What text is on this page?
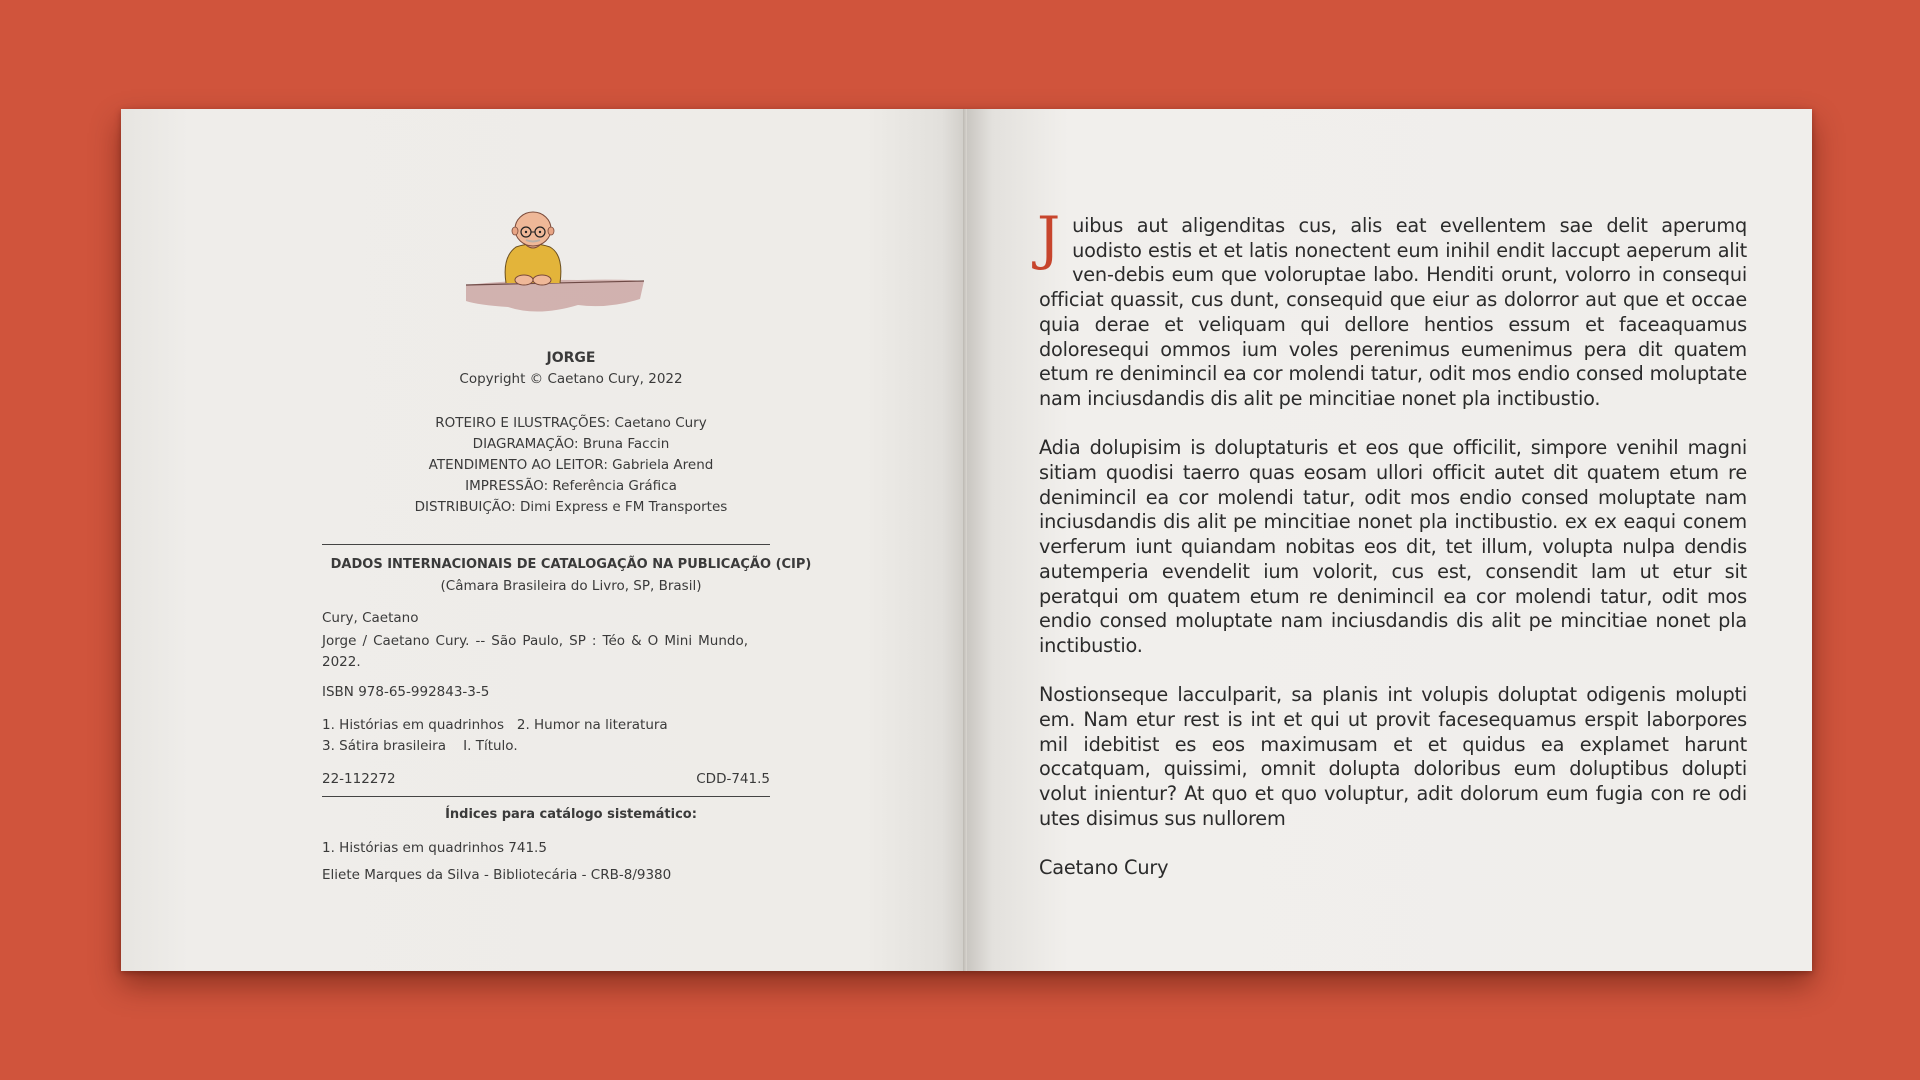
JORGE
Copyright © Caetano Cury, 2022
ROTEIRO E ILUSTRAÇÕES: Caetano Cury
DIAGRAMAÇÃO: Bruna Faccin
ATENDIMENTO AO LEITOR: Gabriela Arend
IMPRESSÃO: Referência Gráfica
DISTRIBUIÇÃO: Dimi Express e FM Transportes
DADOS INTERNACIONAIS DE CATALOGAÇÃO NA PUBLICAÇÃO (CIP)
(Câmara Brasileira do Livro, SP, Brasil)
Cury, Caetano
Jorge / Caetano Cury. -- São Paulo, SP : Téo & O Mini Mundo, 2022.
ISBN 978-65-992843-3-5
1. Histórias em quadrinhos   2. Humor na literatura
3. Sátira brasileira    I. Título.
22-112272	CDD-741.5
Índices para catálogo sistemático:
1. Histórias em quadrinhos 741.5
Eliete Marques da Silva - Bibliotecária - CRB-8/9380

Juibus aut aligenditas cus, alis eat evellentem sae delit aperumq uodisto estis et et latis nonectent eum inihil endit laccupt aeperum alit ven-debis eum que voloruptae labo. Henditi orunt, volorro in consequi officiat quassit, cus dunt, consequid que eiur as dolorror aut que et occae quia derae et veliquam qui dellore hentios essum et faceaquamus doloresequi ommos ium voles perenimus eumenimus pera dit quatem etum re denimincil ea cor molendi tatur, odit mos endio consed moluptate nam inciusdandis dis alit pe mincitiae nonet pla inctibustio.

Adia dolupisim is doluptaturis et eos que officilit, simpore venihil magni sitiam quodisi taerro quas eosam ullori officit autet dit quatem etum re denimincil ea cor molendi tatur, odit mos endio consed moluptate nam inciusdandis dis alit pe mincitiae nonet pla inctibustio. ex ex eaqui conem verferum iunt quiandam nobitas eos dit, tet illum, volupta nulpa dendis autemperia evendelit ium volorit, cus est, consendit lam ut etur sit peratqui om quatem etum re denimincil ea cor molendi tatur, odit mos endio consed moluptate nam inciusdandis dis alit pe mincitiae nonet pla inctibustio.

Nostionseque lacculparit, sa planis int volupis doluptat odigenis molupti em. Nam etur rest is int et qui ut provit facesequamus erspit laborpores mil idebitist es eos maximusam et et quidus ea explamet harunt occatquam, quissimi, omnit dolupta doloribus eum doluptibus dolupti volut inientur? At quo et quo voluptur, adit dolorum eum fugia con re odi utes disimus sus nullorem

Caetano Cury
